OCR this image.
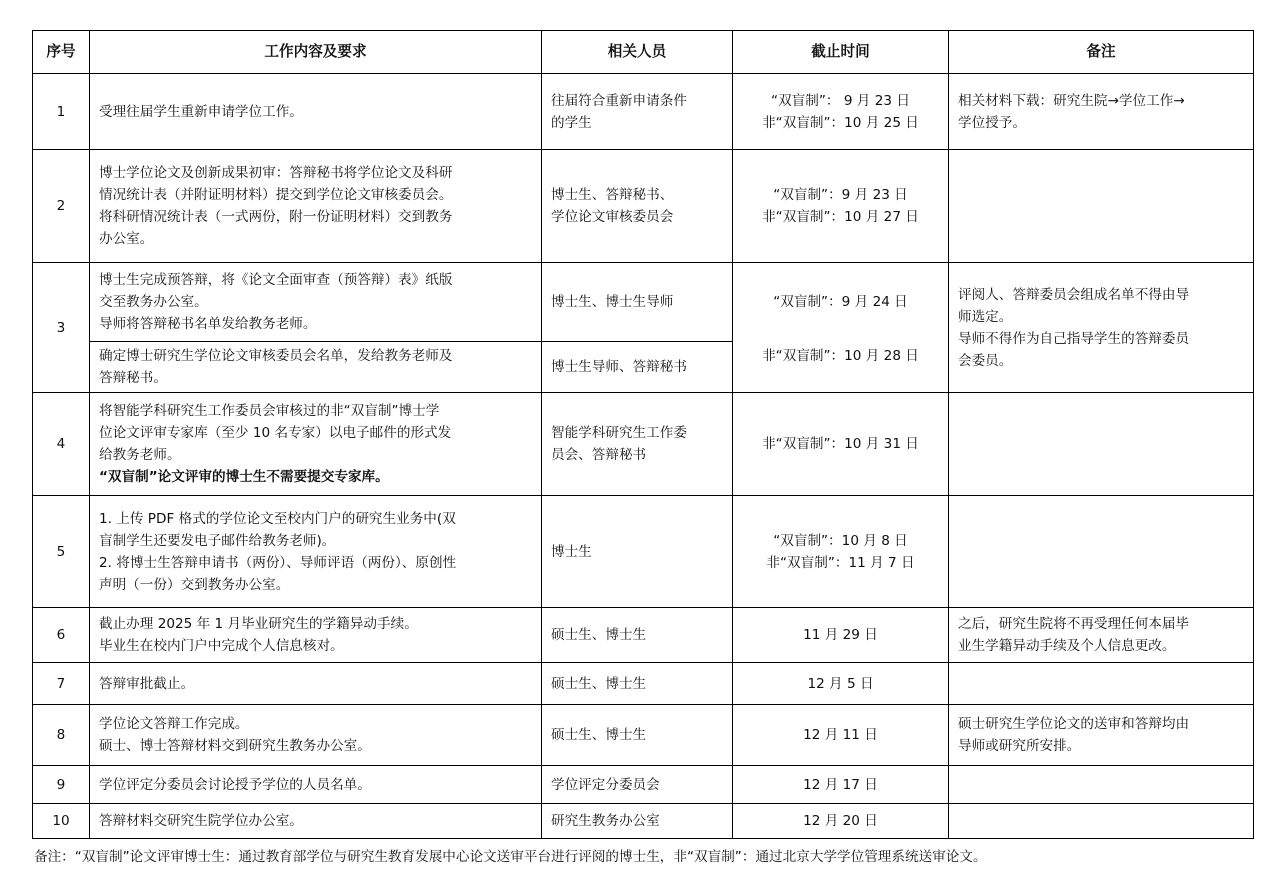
序号	工作内容及要求	相关人员	截止时间	备注
1	受理往届学生重新申请学位工作。	往届符合重新申请条件
的学生	“双盲制”： 9 月 23 日
非“双盲制”：10 月 25 日	相关材料下载：研究生院→学位工作→
学位授予。

2	博士学位论文及创新成果初审：答辩秘书将学位论文及科研
情况统计表（并附证明材料）提交到学位论文审核委员会。
将科研情况统计表（一式两份，附一份证明材料）交到教务
办公室。	博士生、答辩秘书、
学位论文审核委员会	“双盲制”：9 月 23 日
非“双盲制”：10 月 27 日	

3	博士生完成预答辩，将《论文全面审查（预答辩）表》纸版
交至教务办公室。
导师将答辩秘书名单发给教务老师。	博士生、博士生导师	“双盲制”：9 月 24 日	评阅人、答辩委员会组成名单不得由导
师选定。
导师不得作为自己指导学生的答辩委员
会委员。

	确定博士研究生学位论文审核委员会名单，发给教务老师及
答辩秘书。	博士生导师、答辩秘书	非“双盲制”：10 月 28 日	

4	将智能学科研究生工作委员会审核过的非“双盲制”博士学
位论文评审专家库（至少 10 名专家）以电子邮件的形式发
给教务老师。
“双盲制”论文评审的博士生不需要提交专家库。	智能学科研究生工作委
员会、答辩秘书	非“双盲制”：10 月 31 日	

5	1. 上传 PDF 格式的学位论文至校内门户的研究生业务中(双
盲制学生还要发电子邮件给教务老师)。
2. 将博士生答辩申请书（两份）、导师评语（两份）、原创性
声明（一份）交到教务办公室。	博士生	“双盲制”：10 月 8 日
非“双盲制”：11 月 7 日	

6	截止办理 2025 年 1 月毕业研究生的学籍异动手续。
毕业生在校内门户中完成个人信息核对。	硕士生、博士生	11 月 29 日	之后，研究生院将不再受理任何本届毕
业生学籍异动手续及个人信息更改。

7	答辩审批截止。	硕士生、博士生	12 月 5 日	

8	学位论文答辩工作完成。
硕士、博士答辩材料交到研究生教务办公室。	硕士生、博士生	12 月 11 日	硕士研究生学位论文的送审和答辩均由
导师或研究所安排。

9	学位评定分委员会讨论授予学位的人员名单。	学位评定分委员会	12 月 17 日	

10	答辩材料交研究生院学位办公室。	研究生教务办公室	12 月 20 日	

备注：“双盲制”论文评审博士生：通过教育部学位与研究生教育发展中心论文送审平台进行评阅的博士生，非“双盲制”：通过北京大学学位管理系统送审论文。
